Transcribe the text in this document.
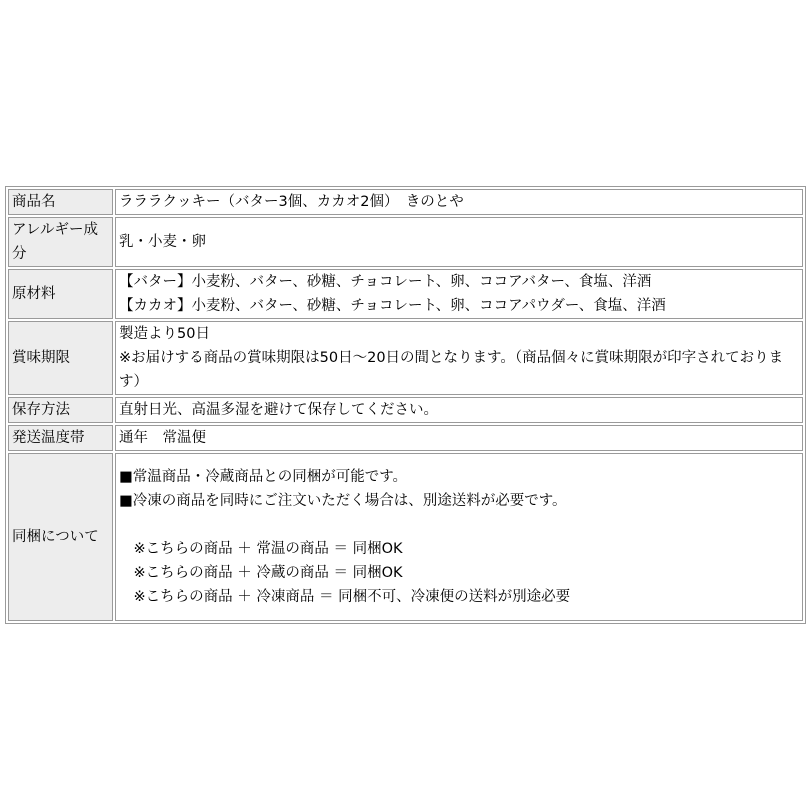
商品名	ラララクッキー（バター3個、カカオ2個）　きのとや

アレルギー成分	乳・小麦・卵

原材料	【バター】小麦粉、バター、砂糖、チョコレート、卵、ココアバター、食塩、洋酒
【カカオ】小麦粉、バター、砂糖、チョコレート、卵、ココアパウダー、食塩、洋酒

賞味期限	製造より50日
※お届けする商品の賞味期限は50日～20日の間となります。（商品個々に賞味期限が印字されております）

保存方法	直射日光、高温多湿を避けて保存してください。

発送温度帯	通年　常温便

同梱について	■常温商品・冷蔵商品との同梱が可能です。
■冷凍の商品を同時にご注文いただく場合は、別途送料が必要です。
　※こちらの商品 ＋ 常温の商品 ＝ 同梱OK
　※こちらの商品 ＋ 冷蔵の商品 ＝ 同梱OK
　※こちらの商品 ＋ 冷凍商品 ＝ 同梱不可、冷凍便の送料が別途必要
